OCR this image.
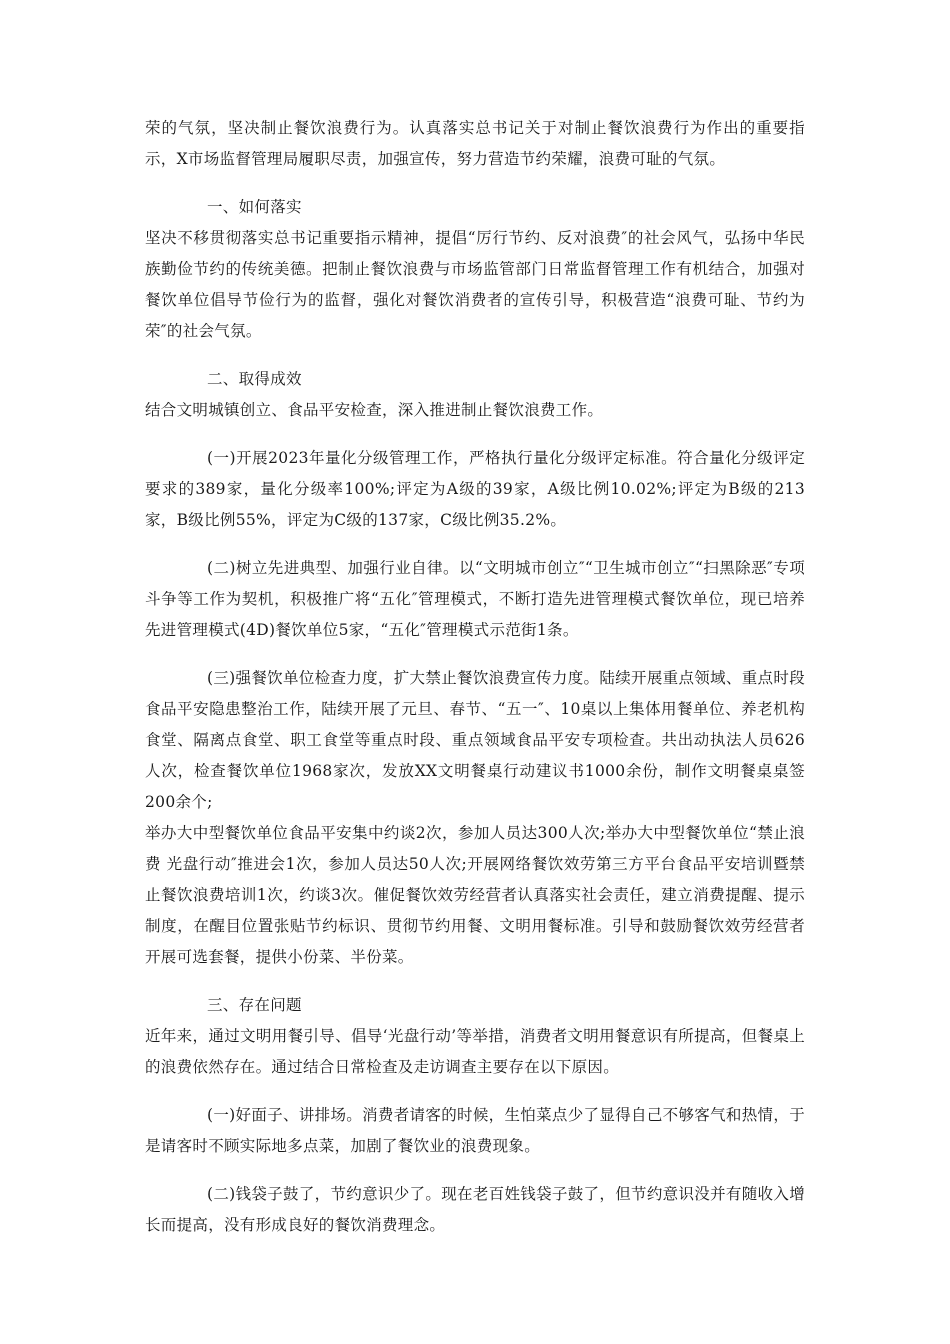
荣的气氛，坚决制止餐饮浪费行为。认真落实总书记关于对制止餐饮浪费行为作出的重要指示，X市场监督管理局履职尽责，加强宣传，努力营造节约荣耀，浪费可耻的气氛。

一、如何落实

坚决不移贯彻落实总书记重要指示精神，提倡“厉行节约、反对浪费″的社会风气，弘扬中华民族勤俭节约的传统美德。把制止餐饮浪费与市场监管部门日常监督管理工作有机结合，加强对餐饮单位倡导节俭行为的监督，强化对餐饮消费者的宣传引导，积极营造“浪费可耻、节约为荣″的社会气氛。

二、取得成效

结合文明城镇创立、食品平安检查，深入推进制止餐饮浪费工作。

(一)开展2023年量化分级管理工作，严格执行量化分级评定标准。符合量化分级评定要求的389家，量化分级率100%;评定为A级的39家，A级比例10.02%;评定为B级的213家，B级比例55%，评定为C级的137家，C级比例35.2%。

(二)树立先进典型、加强行业自律。以“文明城市创立″“卫生城市创立″“扫黑除恶″专项斗争等工作为契机，积极推广将“五化″管理模式，不断打造先进管理模式餐饮单位，现已培养先进管理模式(4D)餐饮单位5家，“五化″管理模式示范街1条。

(三)强餐饮单位检查力度，扩大禁止餐饮浪费宣传力度。陆续开展重点领域、重点时段食品平安隐患整治工作，陆续开展了元旦、春节、“五一″、10桌以上集体用餐单位、养老机构食堂、隔离点食堂、职工食堂等重点时段、重点领域食品平安专项检查。共出动执法人员626人次，检查餐饮单位1968家次，发放XX文明餐桌行动建议书1000余份，制作文明餐桌桌签200余个;

举办大中型餐饮单位食品平安集中约谈2次，参加人员达300人次;举办大中型餐饮单位“禁止浪费 光盘行动″推进会1次，参加人员达50人次;开展网络餐饮效劳第三方平台食品平安培训暨禁止餐饮浪费培训1次，约谈3次。催促餐饮效劳经营者认真落实社会责任，建立消费提醒、提示制度，在醒目位置张贴节约标识、贯彻节约用餐、文明用餐标准。引导和鼓励餐饮效劳经营者开展可选套餐，提供小份菜、半份菜。

三、存在问题

近年来，通过文明用餐引导、倡导‘光盘行动’等举措，消费者文明用餐意识有所提高，但餐桌上的浪费依然存在。通过结合日常检查及走访调查主要存在以下原因。

(一)好面子、讲排场。消费者请客的时候，生怕菜点少了显得自己不够客气和热情，于是请客时不顾实际地多点菜，加剧了餐饮业的浪费现象。

(二)钱袋子鼓了，节约意识少了。现在老百姓钱袋子鼓了，但节约意识没并有随收入增长而提高，没有形成良好的餐饮消费理念。
